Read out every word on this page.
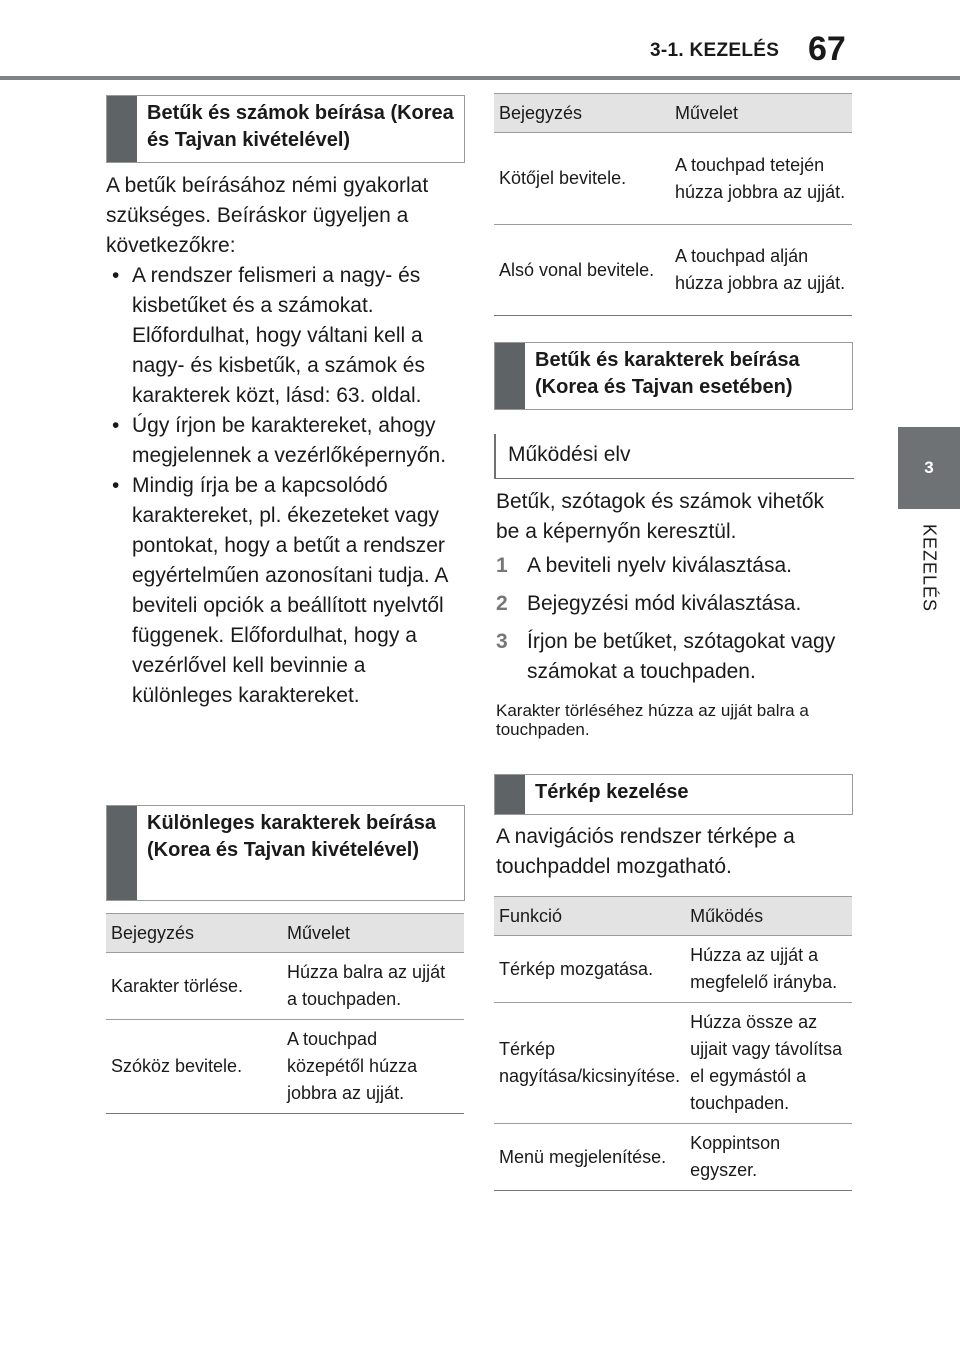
3-1. KEZELÉS 67
3
KEZELÉS
Betűk és számok beírása (Korea és Tajvan kivételével)

A betűk beírásához némi gyakorlat szükséges. Beíráskor ügyeljen a következőkre:

• A rendszer felismeri a nagy- és kisbetűket és a számokat. Előfordulhat, hogy váltani kell a nagy- és kisbetűk, a számok és karakterek közt, lásd: 63. oldal.
• Úgy írjon be karaktereket, ahogy megjelennek a vezérlőképernyőn.
• Mindig írja be a kapcsolódó karaktereket, pl. ékezeteket vagy pontokat, hogy a betűt a rendszer egyértelműen azonosítani tudja. A beviteli opciók a beállított nyelvtől függenek. Előfordulhat, hogy a vezérlővel kell bevinnie a különleges karaktereket.
Különleges karakterek beírása (Korea és Tajvan kivételével)
Bejegyzés	Művelet
Karakter törlése.	Húzza balra az ujját a touchpaden.
Szóköz bevitele.	A touchpad közepétől húzza jobbra az ujját.
Bejegyzés	Művelet
Kötőjel bevitele.	A touchpad tetején húzza jobbra az ujját.
Alsó vonal bevitele.	A touchpad alján húzza jobbra az ujját.
Betűk és karakterek beírása (Korea és Tajvan esetében)
Működési elv
Betűk, szótagok és számok vihetők be a képernyőn keresztül.
1 A beviteli nyelv kiválasztása.
2 Bejegyzési mód kiválasztása.
3 Írjon be betűket, szótagokat vagy számokat a touchpaden.
Karakter törléséhez húzza az ujját balra a touchpaden.
Térkép kezelése
A navigációs rendszer térképe a touchpaddel mozgatható.
Funkció	Működés
Térkép mozgatása.	Húzza az ujját a megfelelő irányba.
Térkép nagyítása/kicsinyítése.	Húzza össze az ujjait vagy távolítsa el egymástól a touchpaden.
Menü megjelenítése.	Koppintson egyszer.
